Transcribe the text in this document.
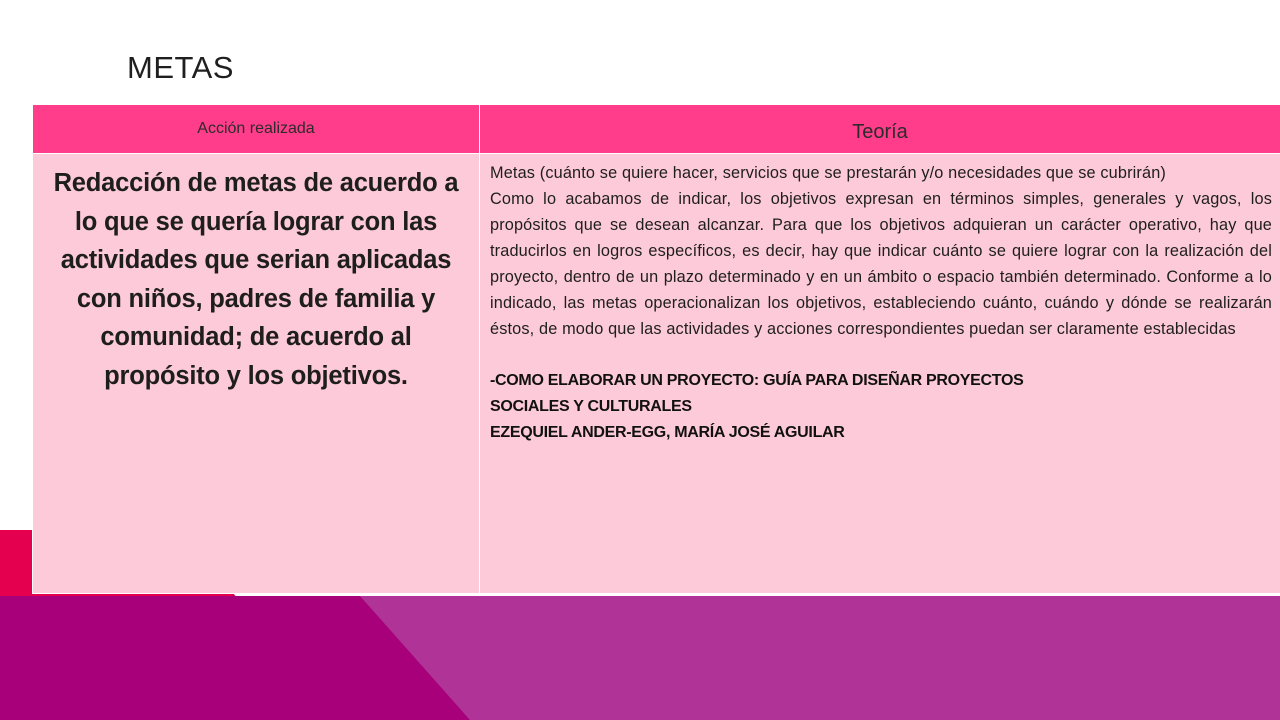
METAS
Acción realizada	Teoría
Redacción de metas de acuerdo a lo que se quería lograr con las actividades que serian aplicadas con niños, padres de familia y comunidad; de acuerdo al propósito y los objetivos.	Metas (cuánto se quiere hacer, servicios que se prestarán y/o necesidades que se cubrirán)

Como lo acabamos de indicar, los objetivos expresan en términos simples, generales y vagos, los propósitos que se desean alcanzar. Para que los objetivos adquieran un carácter operativo, hay que traducirlos en logros específicos, es decir, hay que indicar cuánto se quiere lograr con la realización del proyecto, dentro de un plazo determinado y en un ámbito o espacio también determinado. Conforme a lo indicado, las metas operacionalizan los objetivos, estableciendo cuánto, cuándo y dónde se realizarán éstos, de modo que las actividades y acciones correspondientes puedan ser claramente establecidas

-COMO ELABORAR UN PROYECTO: GUÍA PARA DISEÑAR PROYECTOS
SOCIALES Y CULTURALES
EZEQUIEL ANDER-EGG, MARÍA JOSÉ AGUILAR
